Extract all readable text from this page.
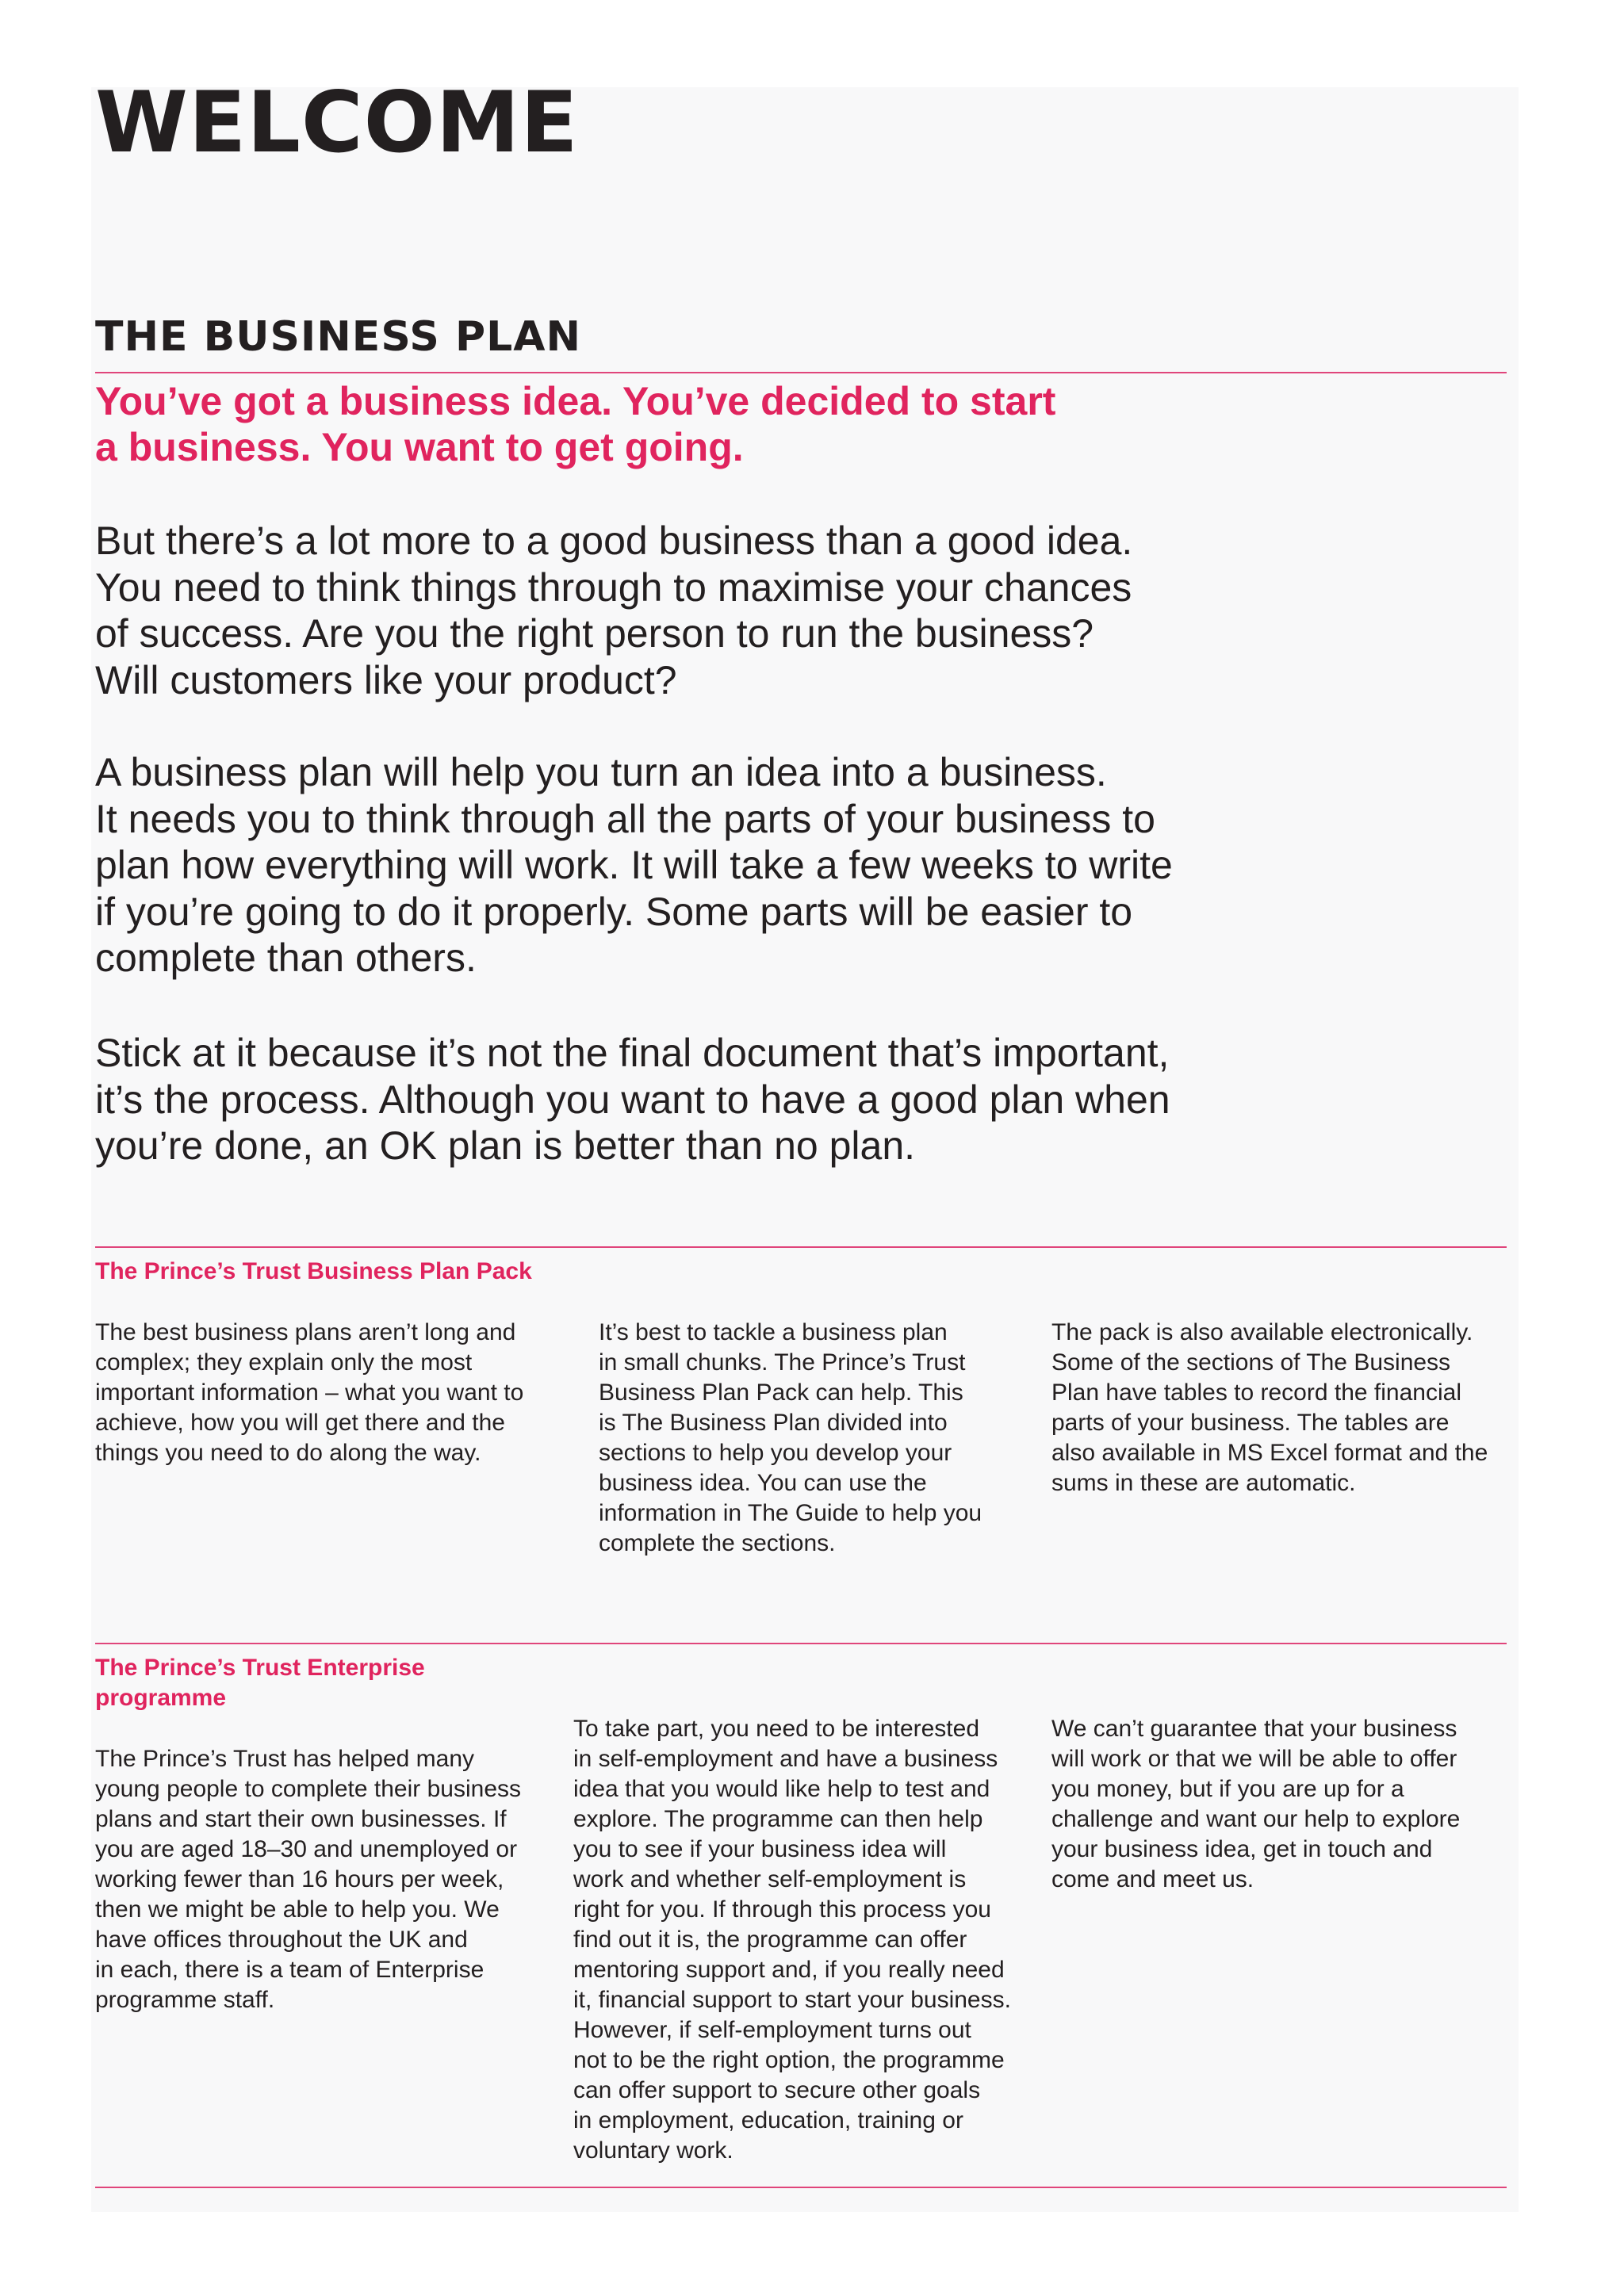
WELCOME
THE BUSINESS PLAN

You’ve got a business idea. You’ve decided to start
a business. You want to get going.

But there’s a lot more to a good business than a good idea.
You need to think things through to maximise your chances
of success. Are you the right person to run the business?
Will customers like your product?

A business plan will help you turn an idea into a business.
It needs you to think through all the parts of your business to
plan how everything will work. It will take a few weeks to write
if you’re going to do it properly. Some parts will be easier to
complete than others.

Stick at it because it’s not the final document that’s important,
it’s the process. Although you want to have a good plan when
you’re done, an OK plan is better than no plan.

The Prince’s Trust Business Plan Pack

The best business plans aren’t long and
complex; they explain only the most
important information – what you want to
achieve, how you will get there and the
things you need to do along the way.

It’s best to tackle a business plan
in small chunks. The Prince’s Trust
Business Plan Pack can help. This
is The Business Plan divided into
sections to help you develop your
business idea. You can use the
information in The Guide to help you
complete the sections.

The pack is also available electronically.
Some of the sections of The Business
Plan have tables to record the financial
parts of your business. The tables are
also available in MS Excel format and the
sums in these are automatic.

The Prince’s Trust Enterprise
programme

The Prince’s Trust has helped many
young people to complete their business
plans and start their own businesses. If
you are aged 18–30 and unemployed or
working fewer than 16 hours per week,
then we might be able to help you. We
have offices throughout the UK and
in each, there is a team of Enterprise
programme staff.

To take part, you need to be interested
in self-employment and have a business
idea that you would like help to test and
explore. The programme can then help
you to see if your business idea will
work and whether self-employment is
right for you. If through this process you
find out it is, the programme can offer
mentoring support and, if you really need
it, financial support to start your business.
However, if self-employment turns out
not to be the right option, the programme
can offer support to secure other goals
in employment, education, training or
voluntary work.

We can’t guarantee that your business
will work or that we will be able to offer
you money, but if you are up for a
challenge and want our help to explore
your business idea, get in touch and
come and meet us.
